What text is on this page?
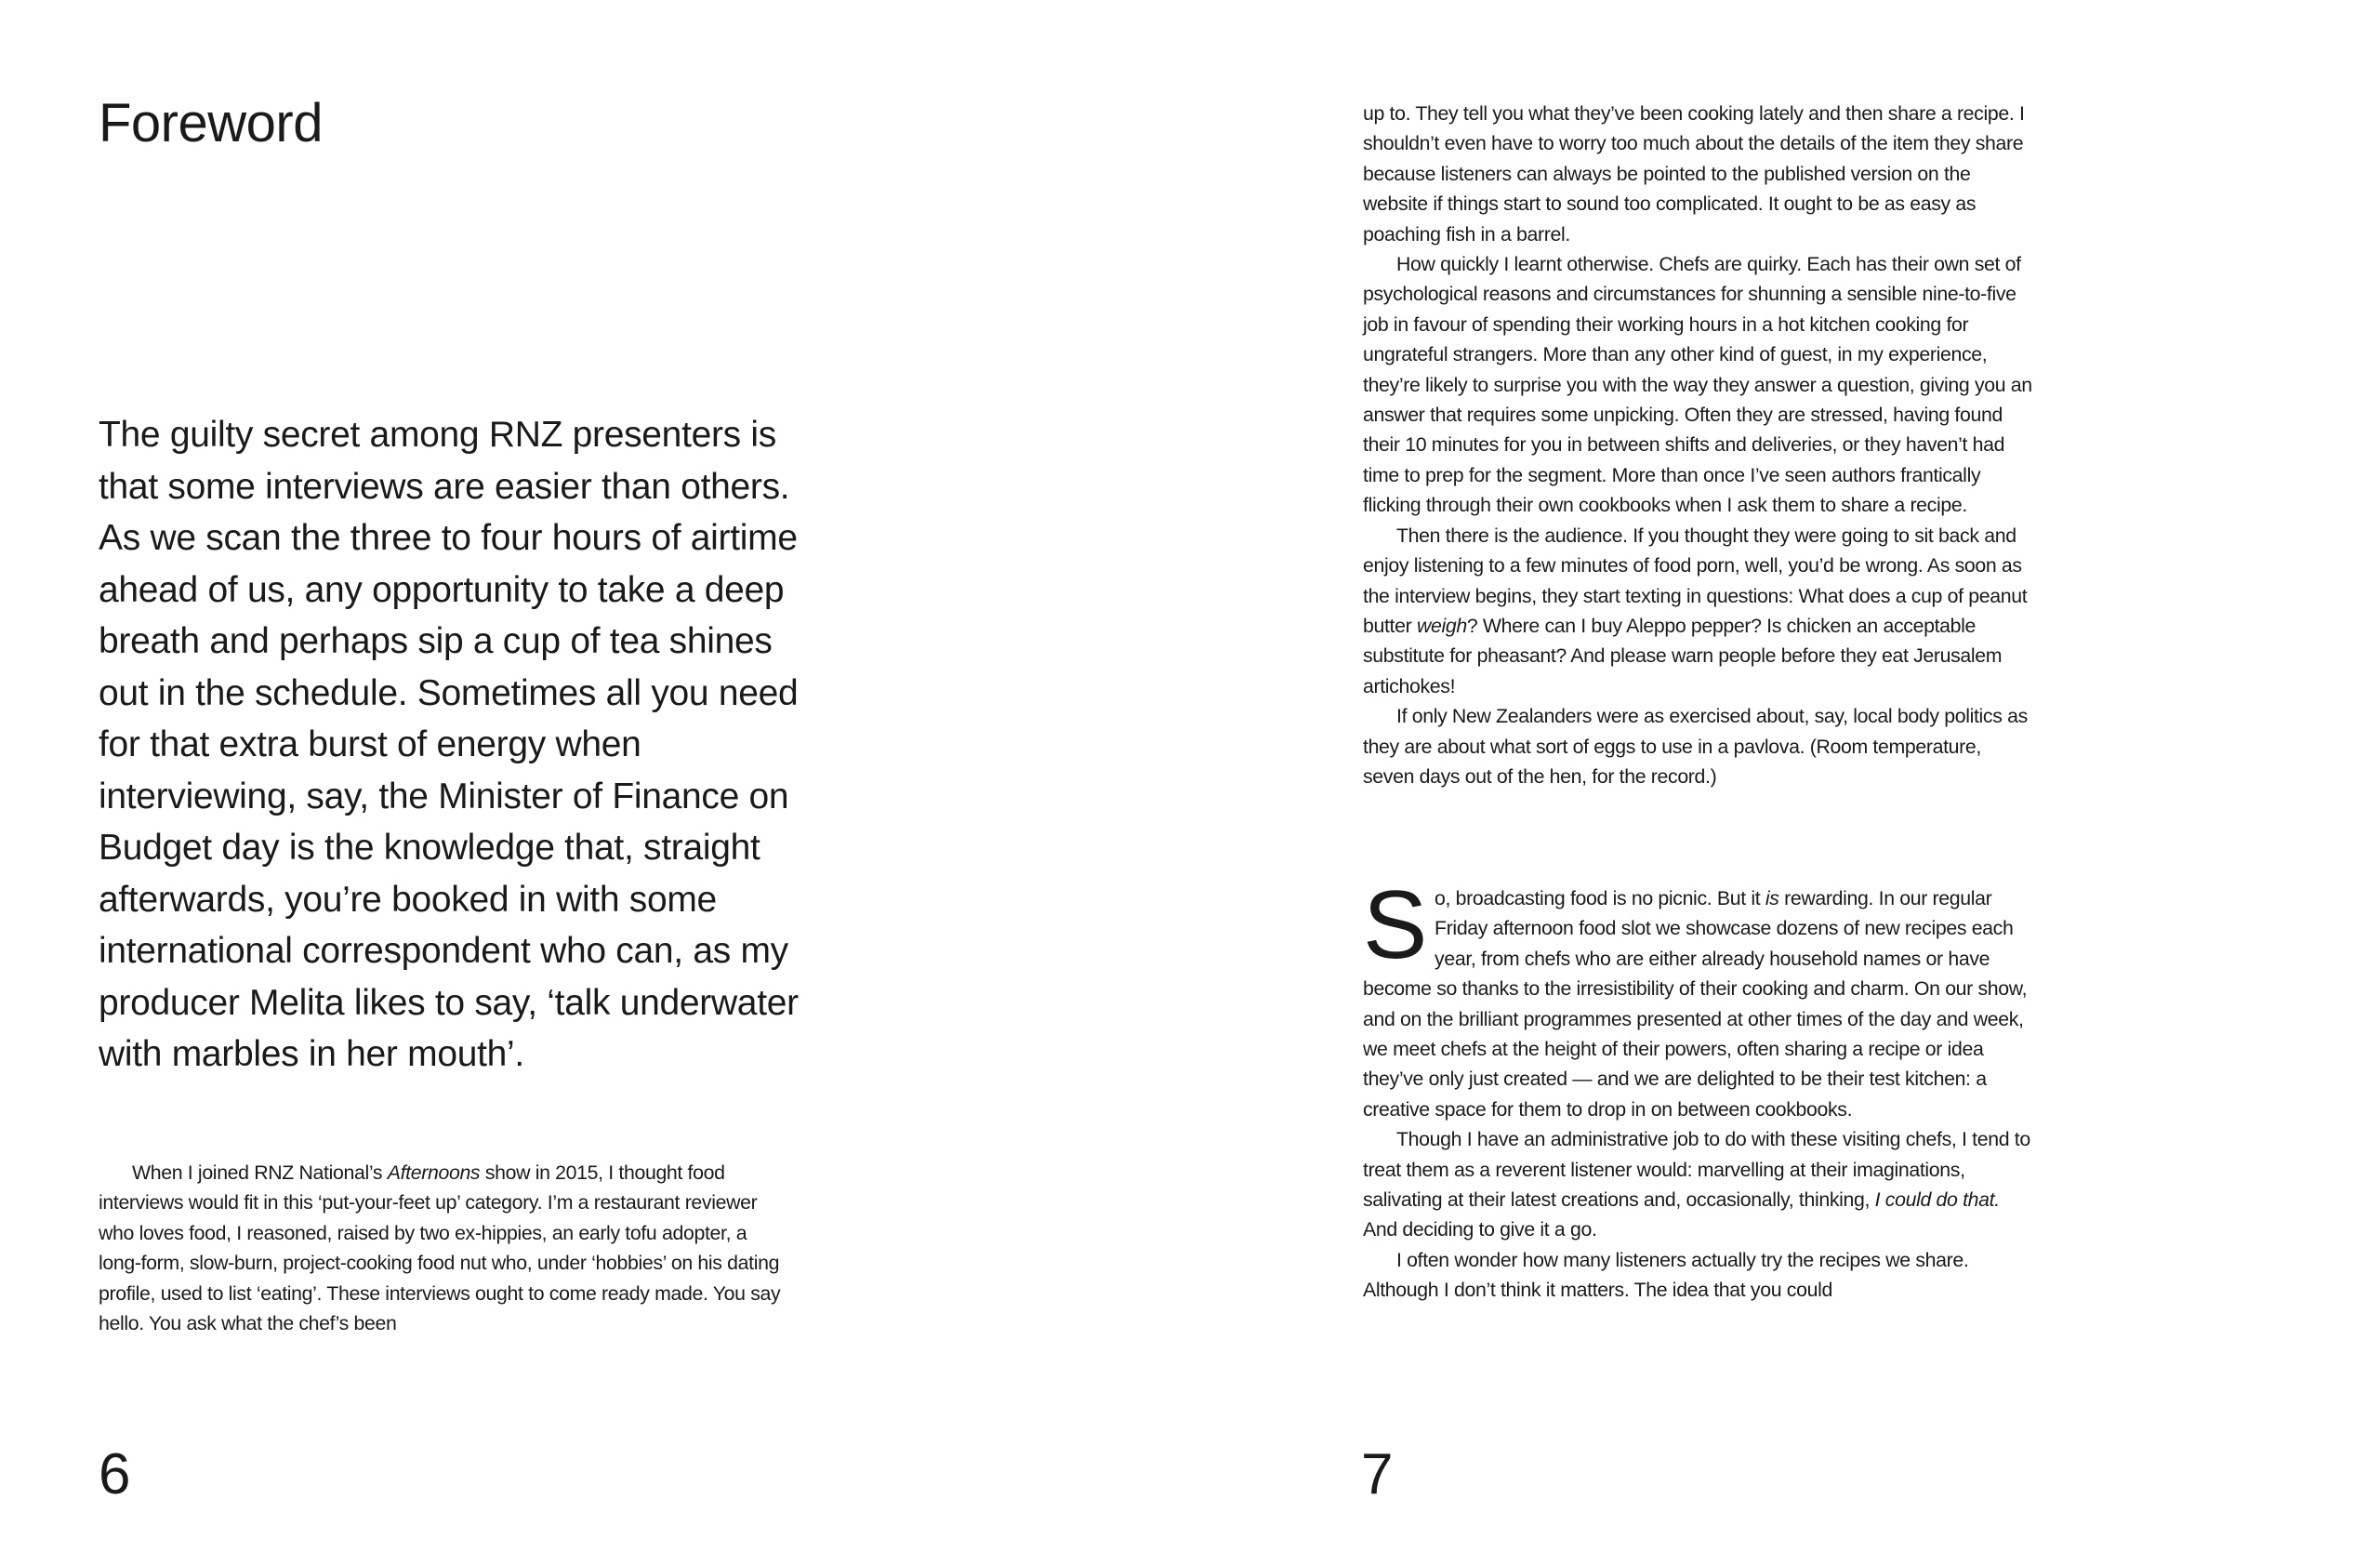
Foreword

The guilty secret among RNZ presenters is that some interviews are easier than others. As we scan the three to four hours of airtime ahead of us, any opportunity to take a deep breath and perhaps sip a cup of tea shines out in the schedule. Sometimes all you need for that extra burst of energy when interviewing, say, the Minister of Finance on Budget day is the knowledge that, straight afterwards, you’re booked in with some international correspondent who can, as my producer Melita likes to say, ‘talk underwater with marbles in her mouth’.

When I joined RNZ National’s Afternoons show in 2015, I thought food interviews would fit in this ‘put-your-feet up’ category. I’m a restaurant reviewer who loves food, I reasoned, raised by two ex-hippies, an early tofu adopter, a long-form, slow-burn, project-cooking food nut who, under ‘hobbies’ on his dating profile, used to list ‘eating’. These interviews ought to come ready made. You say hello. You ask what the chef’s been

6

up to. They tell you what they’ve been cooking lately and then share a recipe. I shouldn’t even have to worry too much about the details of the item they share because listeners can always be pointed to the published version on the website if things start to sound too complicated. It ought to be as easy as poaching fish in a barrel.

How quickly I learnt otherwise. Chefs are quirky. Each has their own set of psychological reasons and circumstances for shunning a sensible nine-to-five job in favour of spending their working hours in a hot kitchen cooking for ungrateful strangers. More than any other kind of guest, in my experience, they’re likely to surprise you with the way they answer a question, giving you an answer that requires some unpicking. Often they are stressed, having found their 10 minutes for you in between shifts and deliveries, or they haven’t had time to prep for the segment. More than once I’ve seen authors frantically flicking through their own cookbooks when I ask them to share a recipe.

Then there is the audience. If you thought they were going to sit back and enjoy listening to a few minutes of food porn, well, you’d be wrong. As soon as the interview begins, they start texting in questions: What does a cup of peanut butter weigh? Where can I buy Aleppo pepper? Is chicken an acceptable substitute for pheasant? And please warn people before they eat Jerusalem artichokes!

If only New Zealanders were as exercised about, say, local body politics as they are about what sort of eggs to use in a pavlova. (Room temperature, seven days out of the hen, for the record.)

So, broadcasting food is no picnic. But it is rewarding. In our regular Friday afternoon food slot we showcase dozens of new recipes each year, from chefs who are either already household names or have become so thanks to the irresistibility of their cooking and charm. On our show, and on the brilliant programmes presented at other times of the day and week, we meet chefs at the height of their powers, often sharing a recipe or idea they’ve only just created — and we are delighted to be their test kitchen: a creative space for them to drop in on between cookbooks.

Though I have an administrative job to do with these visiting chefs, I tend to treat them as a reverent listener would: marvelling at their imaginations, salivating at their latest creations and, occasionally, thinking, I could do that. And deciding to give it a go.

I often wonder how many listeners actually try the recipes we share. Although I don’t think it matters. The idea that you could

7
